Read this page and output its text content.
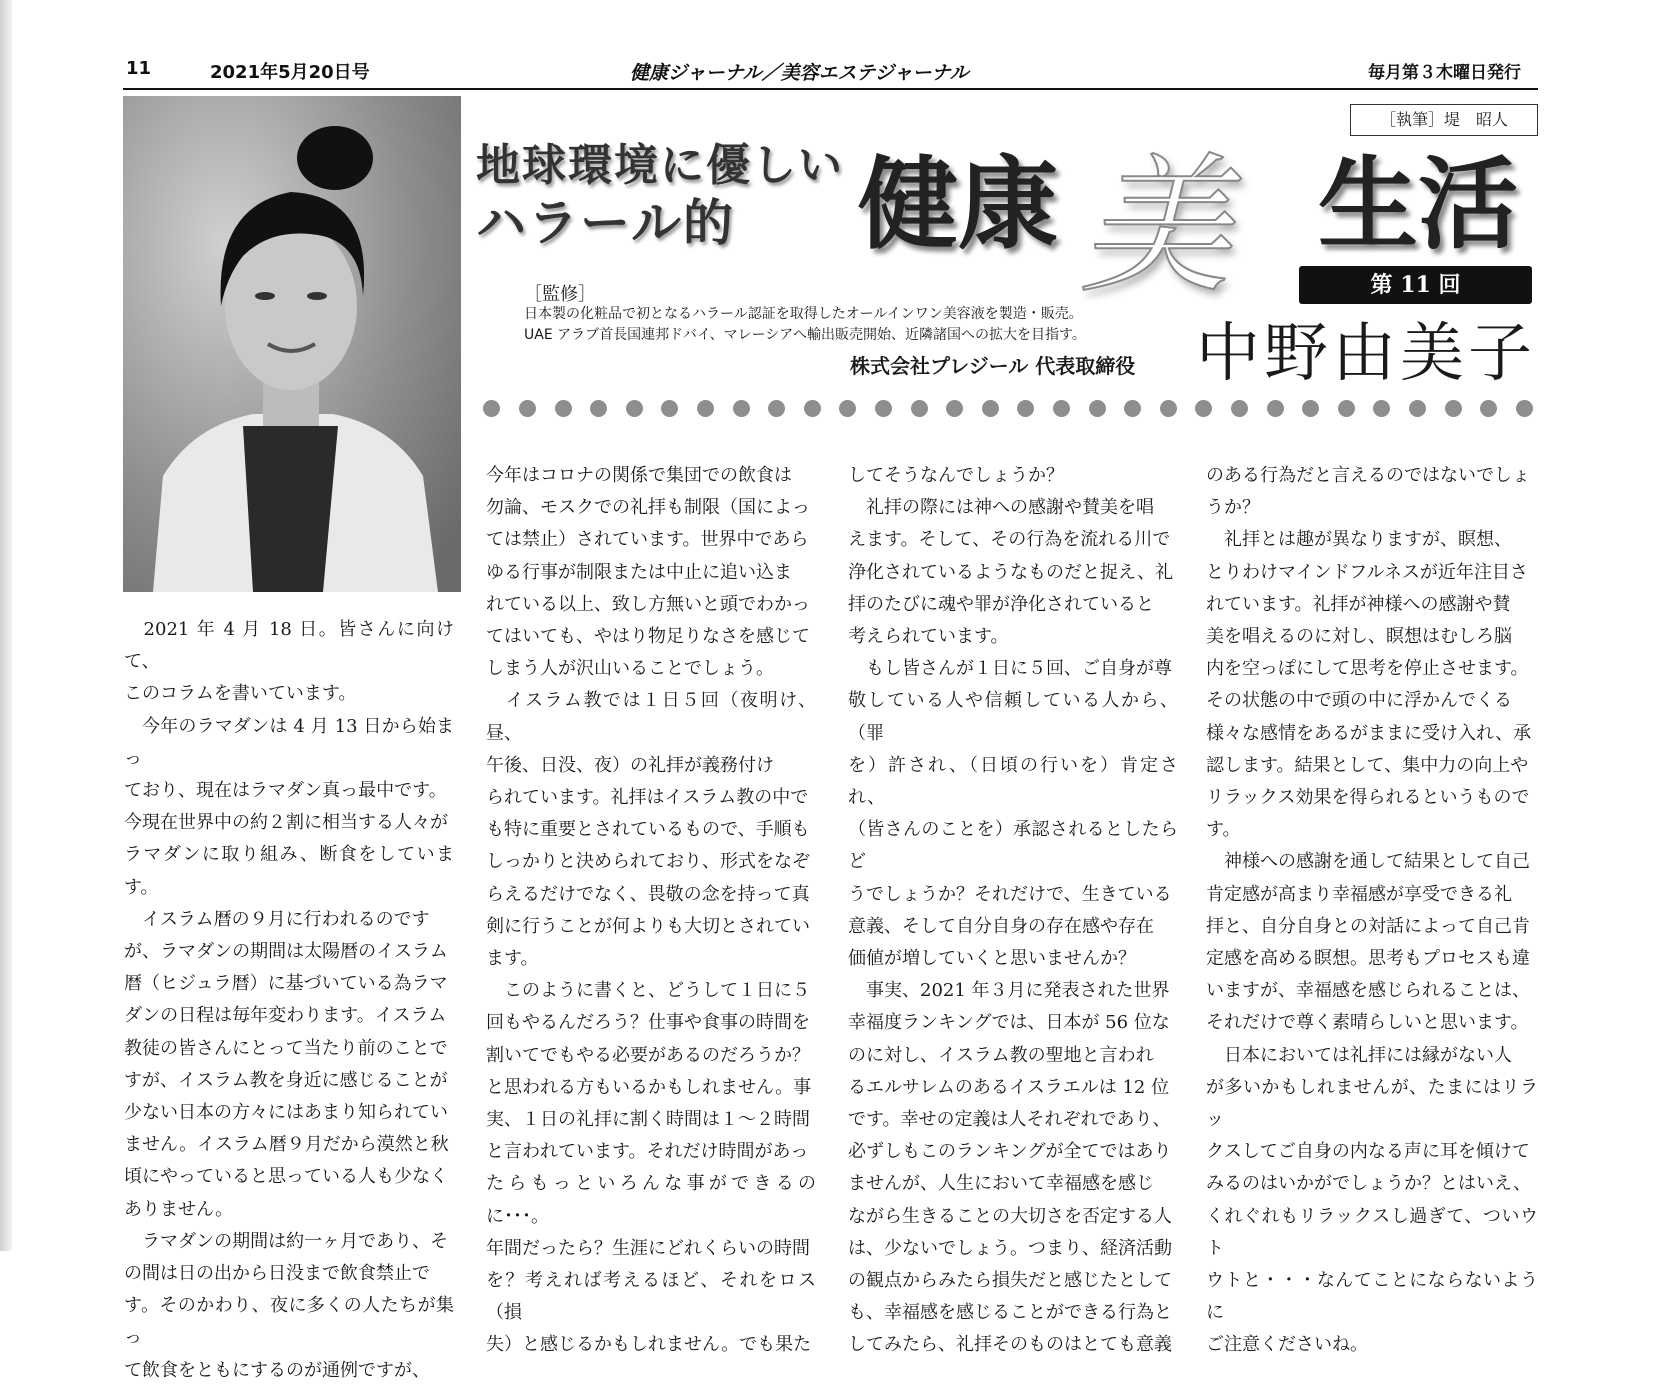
11	2021年5月20日号	健康ジャーナル／美容エステジャーナル	毎月第３木曜日発行
地球環境に優しい
ハラール的 健康 美 生活
［執筆］堤　昭人
第 11 回
［監修］
日本製の化粧品で初となるハラール認証を取得したオールインワン美容液を製造・販売。
UAE アラブ首長国連邦ドバイ、マレーシアへ輸出販売開始、近隣諸国への拡大を目指す。
株式会社プレジール 代表取締役 中野由美子
　2021 年 4 月 18 日。皆さんに向けて、
このコラムを書いています。
　今年のラマダンは 4 月 13 日から始まっ
ており、現在はラマダン真っ最中です。
今現在世界中の約２割に相当する人々が
ラマダンに取り組み、断食をしています。
　イスラム暦の９月に行われるのです
が、ラマダンの期間は太陽暦のイスラム
暦（ヒジュラ暦）に基づいている為ラマ
ダンの日程は毎年変わります。イスラム
教徒の皆さんにとって当たり前のことで
すが、イスラム教を身近に感じることが
少ない日本の方々にはあまり知られてい
ません。イスラム暦９月だから漠然と秋
頃にやっていると思っている人も少なく
ありません。
　ラマダンの期間は約一ヶ月であり、そ
の間は日の出から日没まで飲食禁止で
す。そのかわり、夜に多くの人たちが集っ
て飲食をともにするのが通例ですが、
今年はコロナの関係で集団での飲食は
勿論、モスクでの礼拝も制限（国によっ
ては禁止）されています。世界中であら
ゆる行事が制限または中止に追い込ま
れている以上、致し方無いと頭でわかっ
てはいても、やはり物足りなさを感じて
しまう人が沢山いることでしょう。
　イスラム教では１日５回（夜明け、昼、
午後、日没、夜）の礼拝が義務付け
られています。礼拝はイスラム教の中で
も特に重要とされているもので、手順も
しっかりと決められており、形式をなぞ
らえるだけでなく、畏敬の念を持って真
剣に行うことが何よりも大切とされてい
ます。
　このように書くと、どうして１日に５
回もやるんだろう？仕事や食事の時間を
割いてでもやる必要があるのだろうか？
と思われる方もいるかもしれません。事
実、１日の礼拝に割く時間は１〜２時間
と言われています。それだけ時間があっ
たらもっといろんな事ができるのに･･･。
年間だったら？生涯にどれくらいの時間
を？考えれば考えるほど、それをロス（損
失）と感じるかもしれません。でも果た
してそうなんでしょうか？
　礼拝の際には神への感謝や賛美を唱
えます。そして、その行為を流れる川で
浄化されているようなものだと捉え、礼
拝のたびに魂や罪が浄化されていると
考えられています。
　もし皆さんが１日に５回、ご自身が尊
敬している人や信頼している人から、（罪
を）許され、（日頃の行いを）肯定され、
（皆さんのことを）承認されるとしたらど
うでしょうか？それだけで、生きている
意義、そして自分自身の存在感や存在
価値が増していくと思いませんか？
　事実、2021 年３月に発表された世界
幸福度ランキングでは、日本が 56 位な
のに対し、イスラム教の聖地と言われ
るエルサレムのあるイスラエルは 12 位
です。幸せの定義は人それぞれであり、
必ずしもこのランキングが全てではあり
ませんが、人生において幸福感を感じ
ながら生きることの大切さを否定する人
は、少ないでしょう。つまり、経済活動
の観点からみたら損失だと感じたとして
も、幸福感を感じることができる行為と
してみたら、礼拝そのものはとても意義
のある行為だと言えるのではないでしょ
うか？
　礼拝とは趣が異なりますが、瞑想、
とりわけマインドフルネスが近年注目さ
れています。礼拝が神様への感謝や賛
美を唱えるのに対し、瞑想はむしろ脳
内を空っぽにして思考を停止させます。
その状態の中で頭の中に浮かんでくる
様々な感情をあるがままに受け入れ、承
認します。結果として、集中力の向上や
リラックス効果を得られるというもので
す。
　神様への感謝を通して結果として自己
肯定感が高まり幸福感が享受できる礼
拝と、自分自身との対話によって自己肯
定感を高める瞑想。思考もプロセスも違
いますが、幸福感を感じられることは、
それだけで尊く素晴らしいと思います。
　日本においては礼拝には縁がない人
が多いかもしれませんが、たまにはリラッ
クスしてご自身の内なる声に耳を傾けて
みるのはいかがでしょうか？とはいえ、
くれぐれもリラックスし過ぎて、ついウト
ウトと・・・なんてことにならないように
ご注意くださいね。
